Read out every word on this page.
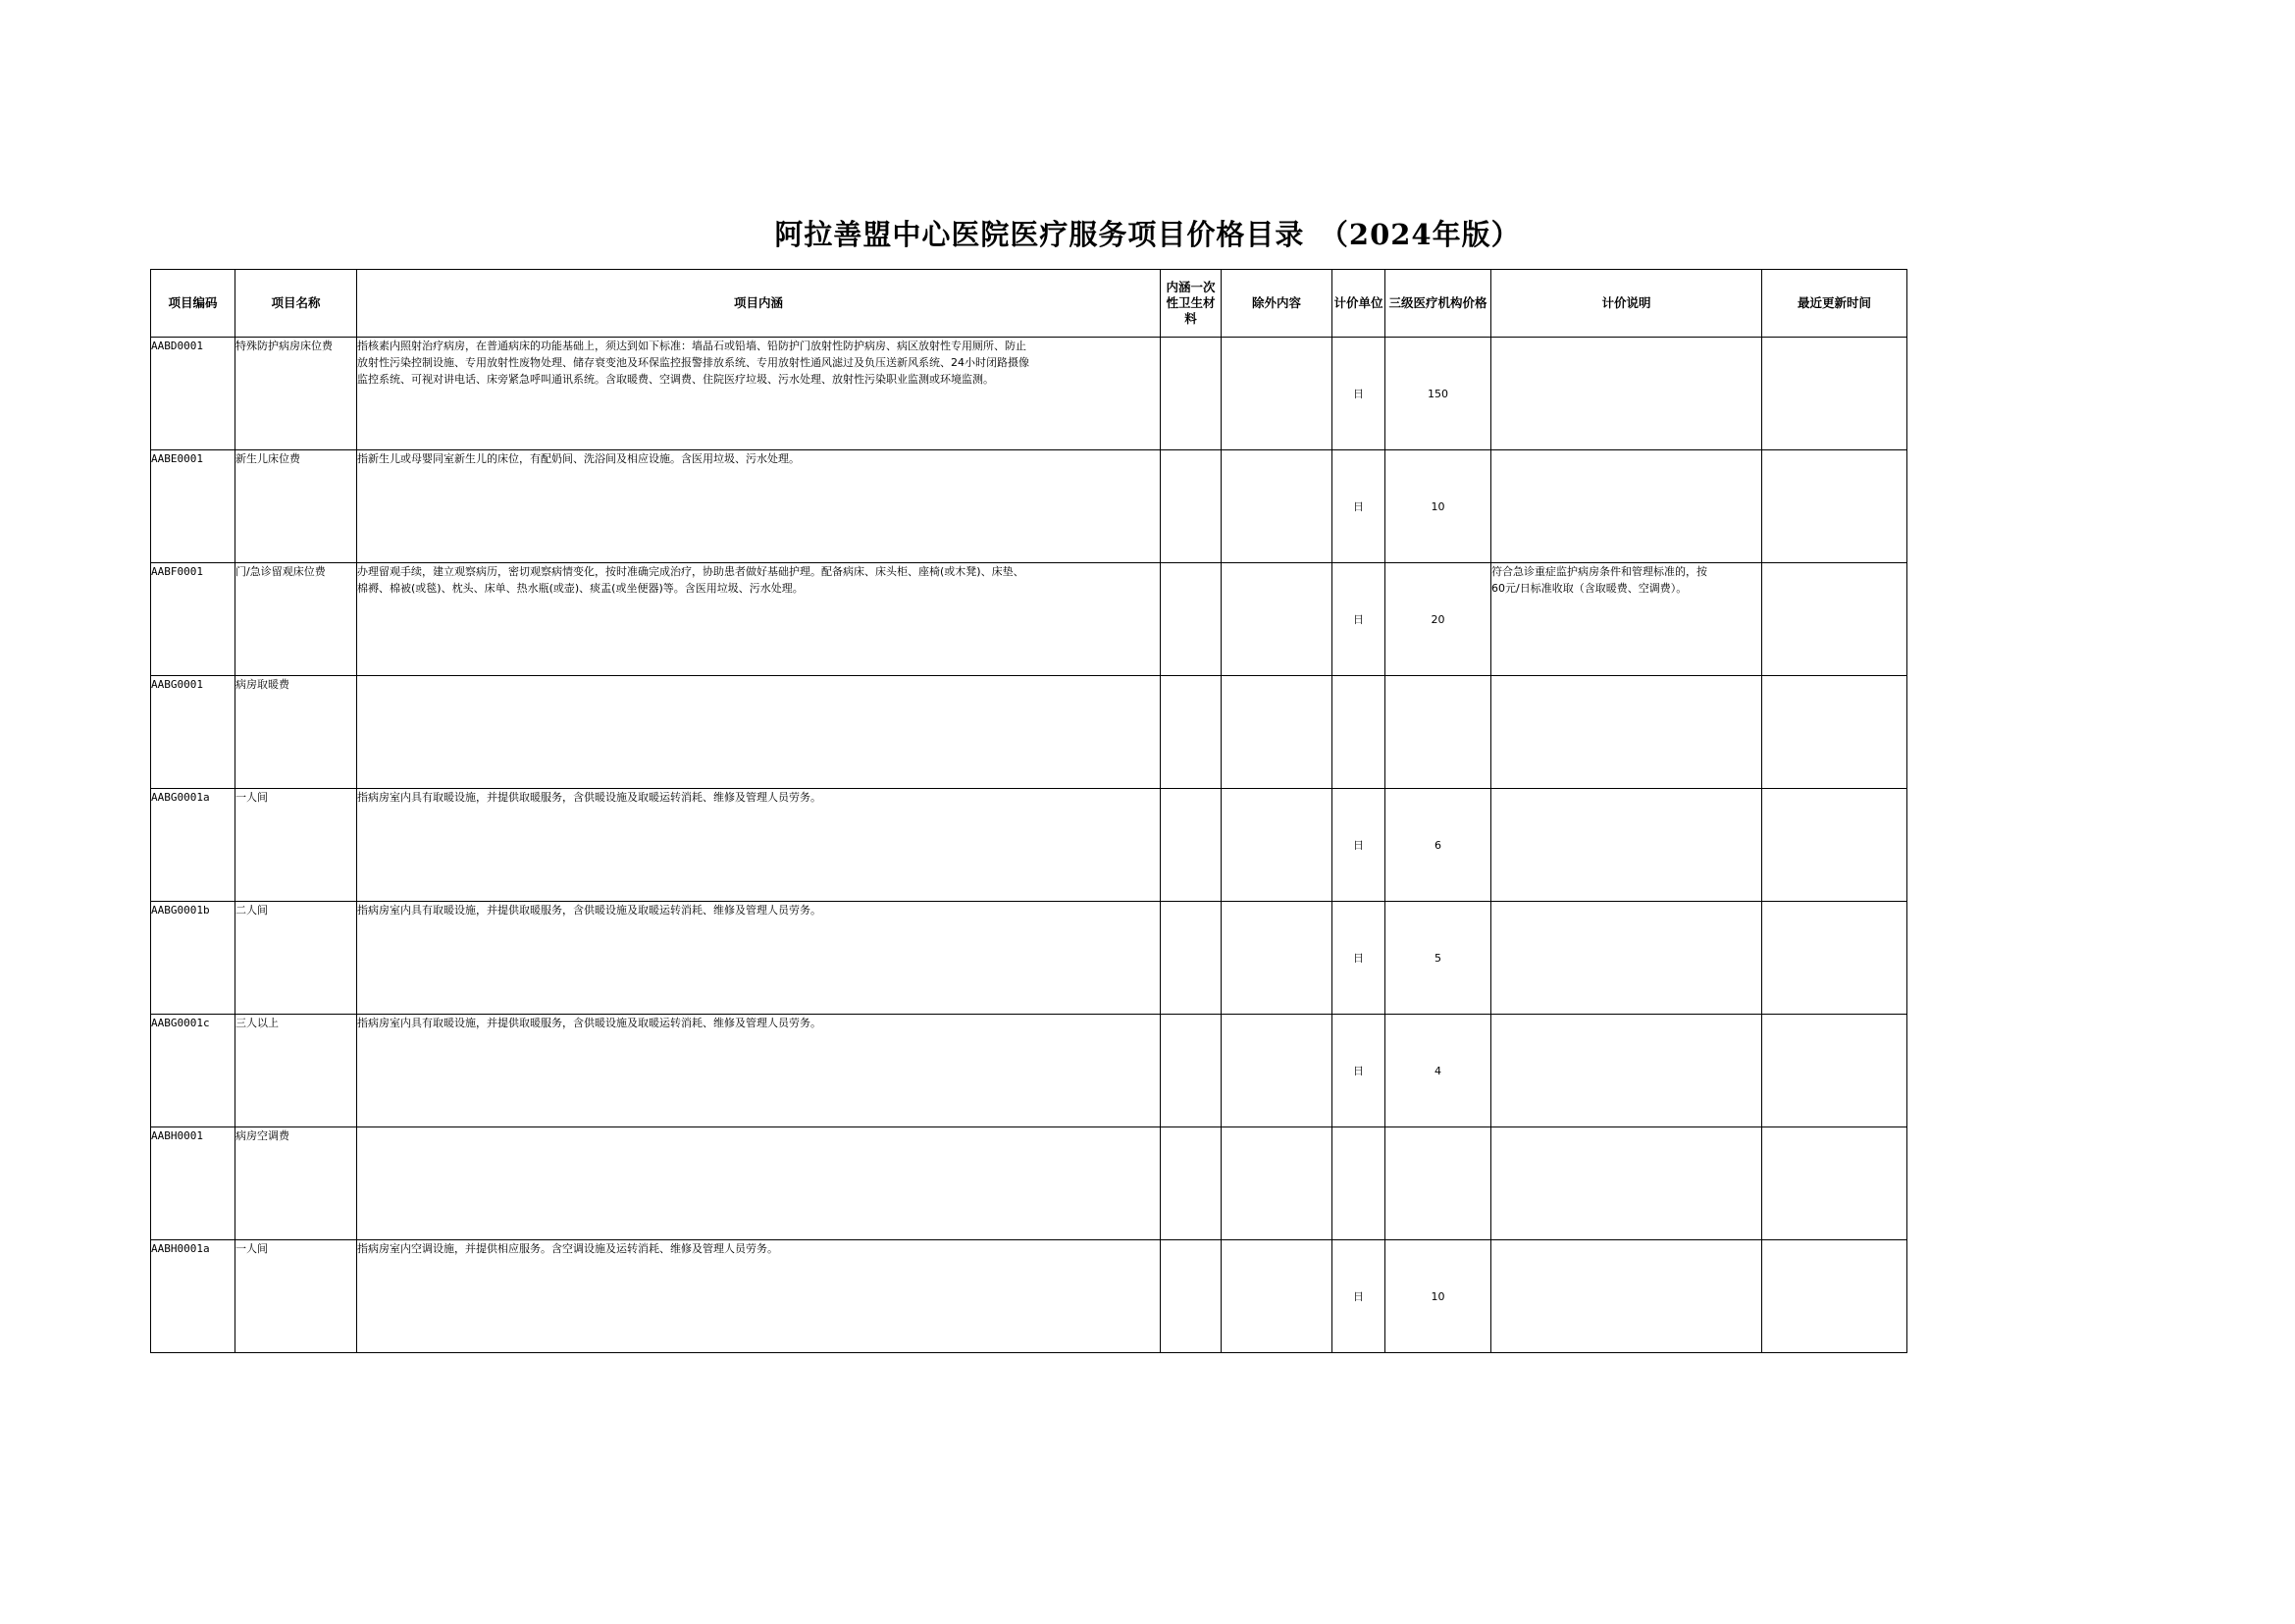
阿拉善盟中心医院医疗服务项目价格目录　（2024年版）
项目编码	项目名称	项目内涵	内涵一次性卫生材料	除外内容	计价单位	三级医疗机构价格	计价说明	最近更新时间
AABD0001	特殊防护病房床位费	指核素内照射治疗病房，在普通病床的功能基础上，须达到如下标准：墙晶石或铅墙、铅防护门放射性防护病房、病区放射性专用厕所、防止
放射性污染控制设施、专用放射性废物处理、储存衰变池及环保监控报警排放系统、专用放射性通风滤过及负压送新风系统、24小时闭路摄像
监控系统、可视对讲电话、床旁紧急呼叫通讯系统。含取暖费、空调费、住院医疗垃圾、污水处理、放射性污染职业监测或环境监测。			日	150		
AABE0001	新生儿床位费	指新生儿或母婴同室新生儿的床位，有配奶间、洗浴间及相应设施。含医用垃圾、污水处理。			日	10		
AABF0001	门/急诊留观床位费	办理留观手续，建立观察病历，密切观察病情变化，按时准确完成治疗，协助患者做好基础护理。配备病床、床头柜、座椅(或木凳)、床垫、
棉褥、棉被(或毯)、枕头、床单、热水瓶(或壶)、痰盂(或坐便器)等。含医用垃圾、污水处理。			日	20	符合急诊重症监护病房条件和管理标准的，按
60元/日标准收取（含取暖费、空调费）。	
AABG0001	病房取暖费							
AABG0001a	一人间	指病房室内具有取暖设施，并提供取暖服务，含供暖设施及取暖运转消耗、维修及管理人员劳务。			日	6		
AABG0001b	二人间	指病房室内具有取暖设施，并提供取暖服务，含供暖设施及取暖运转消耗、维修及管理人员劳务。			日	5		
AABG0001c	三人以上	指病房室内具有取暖设施，并提供取暖服务，含供暖设施及取暖运转消耗、维修及管理人员劳务。			日	4		
AABH0001	病房空调费							
AABH0001a	一人间	指病房室内空调设施，并提供相应服务。含空调设施及运转消耗、维修及管理人员劳务。			日	10		
